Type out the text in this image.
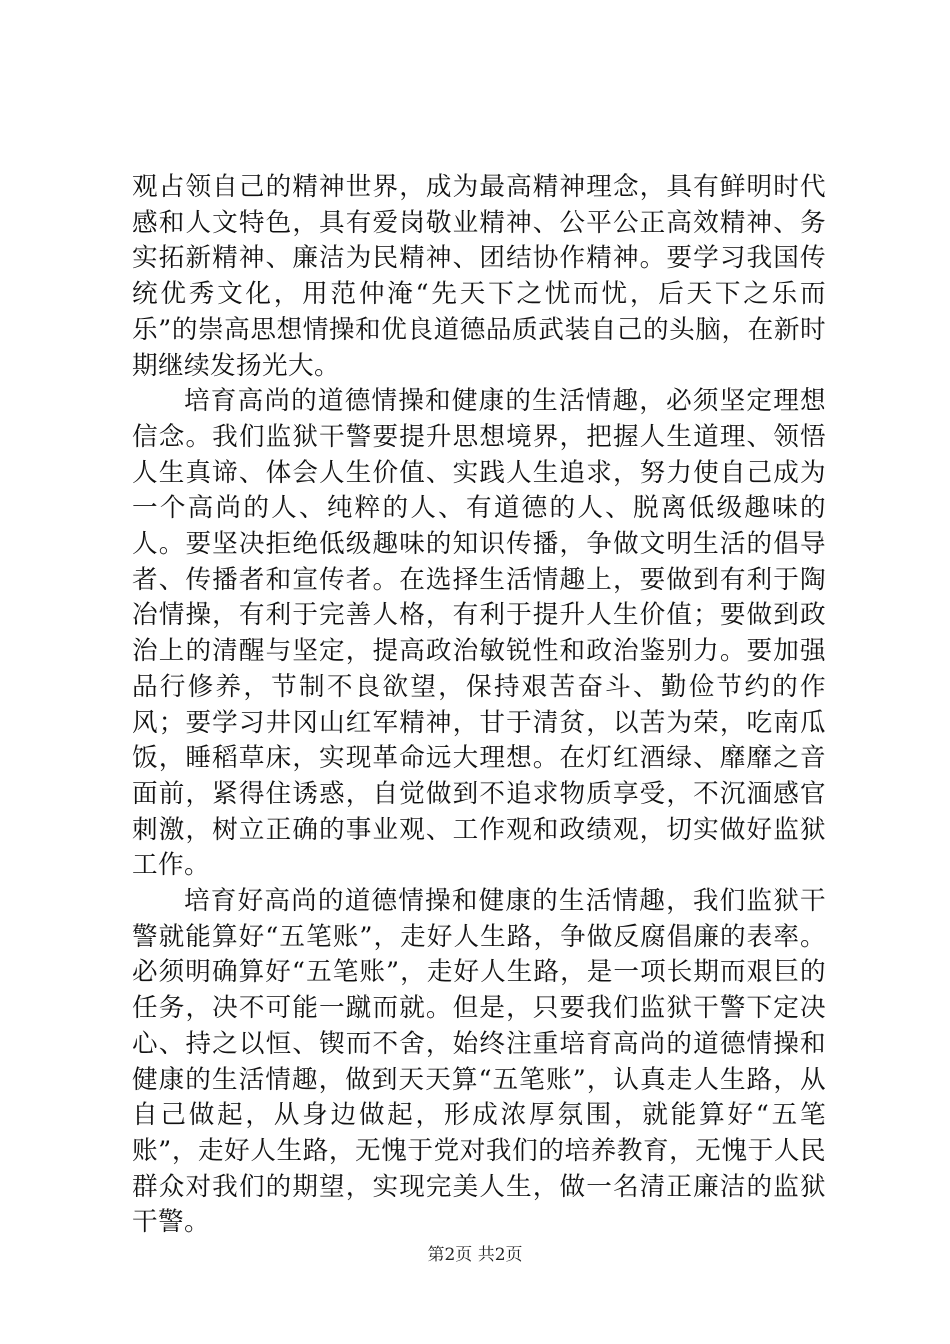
观占领自己的精神世界，成为最高精神理念，具有鲜明时代感和人文特色，具有爱岗敬业精神、公平公正高效精神、务实拓新精神、廉洁为民精神、团结协作精神。要学习我国传统优秀文化，用范仲淹“先天下之忧而忧，后天下之乐而乐”的崇高思想情操和优良道德品质武装自己的头脑，在新时期继续发扬光大。

培育高尚的道德情操和健康的生活情趣，必须坚定理想信念。我们监狱干警要提升思想境界，把握人生道理、领悟人生真谛、体会人生价值、实践人生追求，努力使自己成为一个高尚的人、纯粹的人、有道德的人、脱离低级趣味的人。要坚决拒绝低级趣味的知识传播，争做文明生活的倡导者、传播者和宣传者。在选择生活情趣上，要做到有利于陶冶情操，有利于完善人格，有利于提升人生价值；要做到政治上的清醒与坚定，提高政治敏锐性和政治鉴别力。要加强品行修养，节制不良欲望，保持艰苦奋斗、勤俭节约的作风；要学习井冈山红军精神，甘于清贫，以苦为荣，吃南瓜饭，睡稻草床，实现革命远大理想。在灯红酒绿、靡靡之音面前，紧得住诱惑，自觉做到不追求物质享受，不沉湎感官刺激，树立正确的事业观、工作观和政绩观，切实做好监狱工作。

培育好高尚的道德情操和健康的生活情趣，我们监狱干警就能算好“五笔账”，走好人生路，争做反腐倡廉的表率。必须明确算好“五笔账”，走好人生路，是一项长期而艰巨的任务，决不可能一蹴而就。但是，只要我们监狱干警下定决心、持之以恒、锲而不舍，始终注重培育高尚的道德情操和健康的生活情趣，做到天天算“五笔账”，认真走人生路，从自己做起，从身边做起，形成浓厚氛围，就能算好“五笔账”，走好人生路，无愧于党对我们的培养教育，无愧于人民群众对我们的期望，实现完美人生，做一名清正廉洁的监狱干警。

第2页 共2页
